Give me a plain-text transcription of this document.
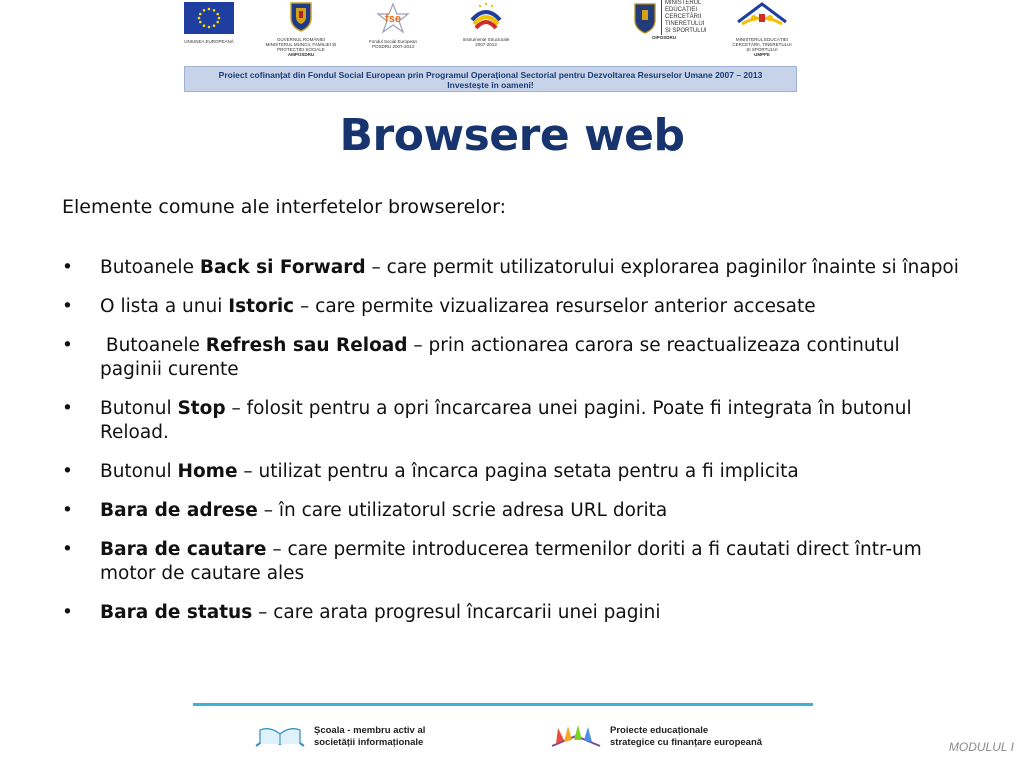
UNIUNEA EUROPEANĂ	GUVERNUL ROMÂNIEI
MINISTERUL MUNCII, FAMILIEI ȘI
PROTECȚIEI SOCIALE
AMPOSDRU
fse
Fondul Social European
POSDRU 2007-2013
Instrumente Structurale
2007-2013
MINISTERUL
EDUCAȚIEI
CERCETĂRII
TINERETULUI
ȘI SPORTULUI
OIPOSDRU	MINISTERUL EDUCAȚIEI
CERCETĂRII, TINERETULUI
ȘI SPORTULUI
UMPFE
Proiect cofinanțat din Fondul Social European prin Programul Operațional Sectorial pentru Dezvoltarea Resurselor Umane 2007 – 2013
Investește în oameni!
Browsere web
Elemente comune ale interfetelor browserelor:
• Butoanele Back si Forward – care permit utilizatorului explorarea paginilor înainte si înapoi
• O lista a unui Istoric – care permite vizualizarea resurselor anterior accesate
• Butoanele Refresh sau Reload – prin actionarea carora se reactualizeaza continutul paginii curente
• Butonul Stop – folosit pentru a opri încarcarea unei pagini. Poate fi integrata în butonul Reload.
• Butonul Home – utilizat pentru a încarca pagina setata pentru a fi implicita
• Bara de adrese – în care utilizatorul scrie adresa URL dorita
• Bara de cautare – care permite introducerea termenilor doriti a fi cautati direct într-um motor de cautare ales
• Bara de status – care arata progresul încarcarii unei pagini
Școala - membru activ al
societății informaționale
Proiecte educaționale
strategice cu finanțare europeană	MODULUL I
